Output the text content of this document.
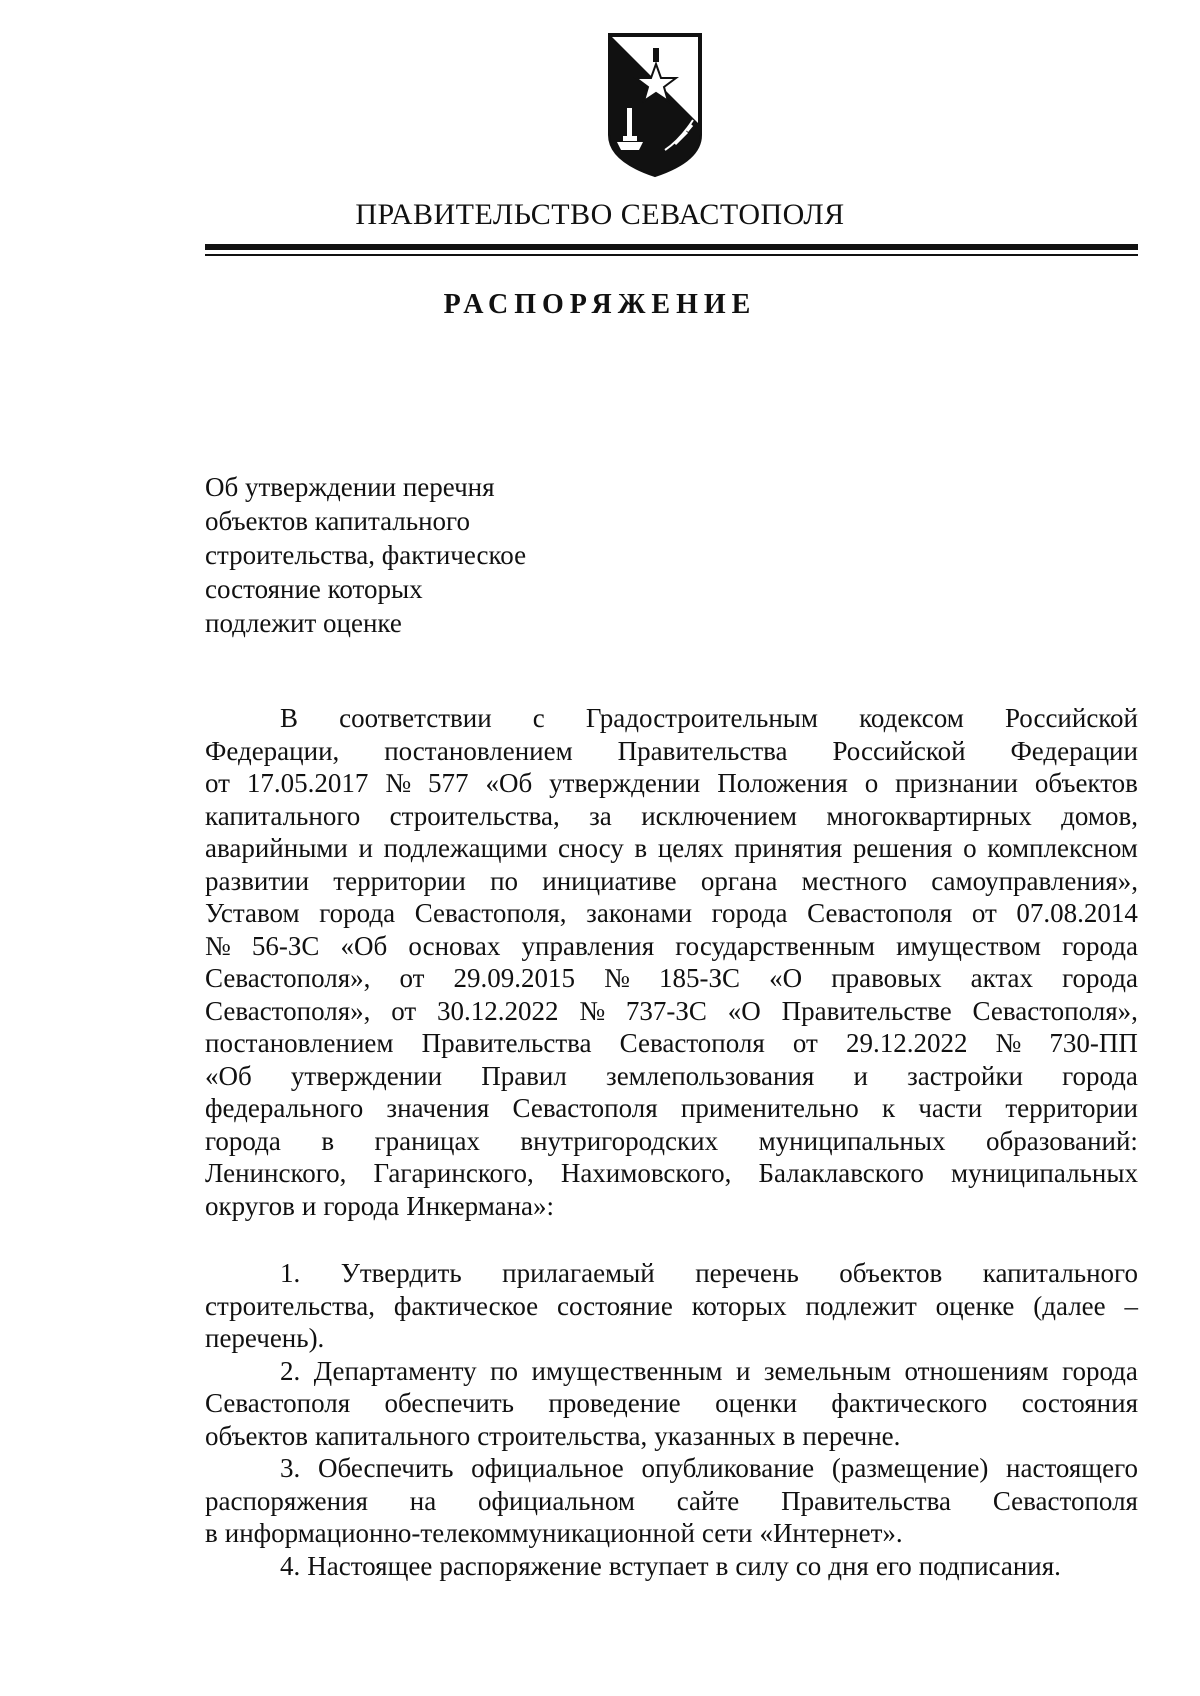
ПРАВИТЕЛЬСТВО СЕВАСТОПОЛЯ
РАСПОРЯЖЕНИЕ
Об утверждении перечня
объектов капитального
строительства, фактическое
состояние которых
подлежит оценке
В соответствии с Градостроительным кодексом Российской
Федерации, постановлением Правительства Российской Федерации
от 17.05.2017 № 577 «Об утверждении Положения о признании объектов
капитального строительства, за исключением многоквартирных домов,
аварийными и подлежащими сносу в целях принятия решения о комплексном
развитии территории по инициативе органа местного самоуправления»,
Уставом города Севастополя, законами города Севастополя от 07.08.2014
№ 56-ЗС «Об основах управления государственным имуществом города
Севастополя», от 29.09.2015 № 185-ЗС «О правовых актах города
Севастополя», от 30.12.2022 № 737-ЗС «О Правительстве Севастополя»,
постановлением Правительства Севастополя от 29.12.2022 № 730-ПП
«Об утверждении Правил землепользования и застройки города
федерального значения Севастополя применительно к части территории
города в границах внутригородских муниципальных образований:
Ленинского, Гагаринского, Нахимовского, Балаклавского муниципальных
округов и города Инкермана»:
1. Утвердить прилагаемый перечень объектов капитального
строительства, фактическое состояние которых подлежит оценке (далее –
перечень).
2. Департаменту по имущественным и земельным отношениям города
Севастополя обеспечить проведение оценки фактического состояния
объектов капитального строительства, указанных в перечне.
3. Обеспечить официальное опубликование (размещение) настоящего
распоряжения на официальном сайте Правительства Севастополя
в информационно-телекоммуникационной сети «Интернет».
4. Настоящее распоряжение вступает в силу со дня его подписания.
